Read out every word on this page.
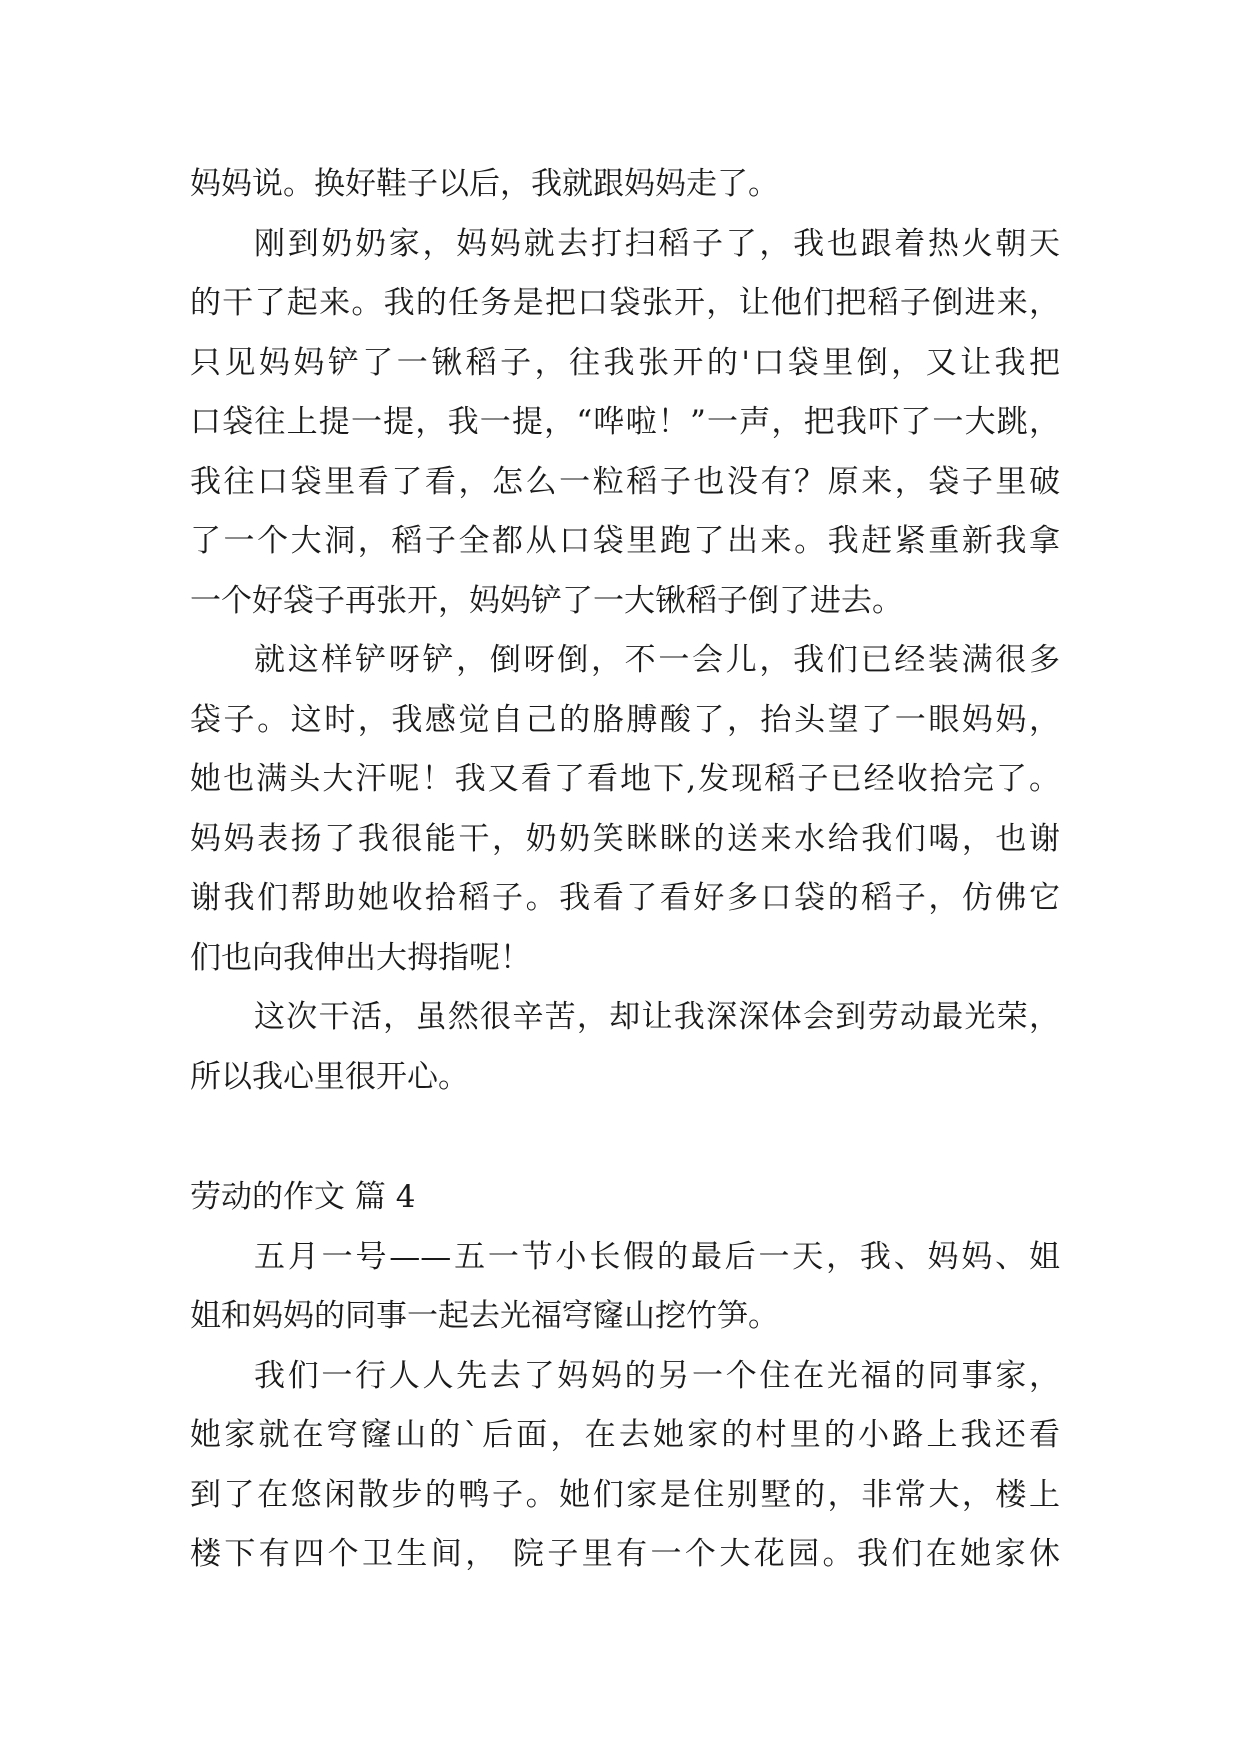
妈妈说。换好鞋子以后，我就跟妈妈走了。
刚到奶奶家，妈妈就去打扫稻子了，我也跟着热火朝天
的干了起来。我的任务是把口袋张开，让他们把稻子倒进来，
只见妈妈铲了一锹稻子，往我张开的'口袋里倒，又让我把
口袋往上提一提，我一提，“哗啦！”一声，把我吓了一大跳，
我往口袋里看了看，怎么一粒稻子也没有？原来，袋子里破
了一个大洞，稻子全都从口袋里跑了出来。我赶紧重新我拿
一个好袋子再张开，妈妈铲了一大锹稻子倒了进去。
就这样铲呀铲，倒呀倒，不一会儿，我们已经装满很多
袋子。这时，我感觉自己的胳膊酸了，抬头望了一眼妈妈，
她也满头大汗呢！我又看了看地下,发现稻子已经收拾完了。
妈妈表扬了我很能干，奶奶笑眯眯的送来水给我们喝，也谢
谢我们帮助她收拾稻子。我看了看好多口袋的稻子，仿佛它
们也向我伸出大拇指呢！
这次干活，虽然很辛苦，却让我深深体会到劳动最光荣，
所以我心里很开心。
劳动的作文 篇 4
五月一号——五一节小长假的最后一天，我、妈妈、姐
姐和妈妈的同事一起去光福穹窿山挖竹笋。
我们一行人人先去了妈妈的另一个住在光福的同事家，
她家就在穹窿山的`后面，在去她家的村里的小路上我还看
到了在悠闲散步的鸭子。她们家是住别墅的，非常大，楼上
楼下有四个卫生间， 院子里有一个大花园。我们在她家休
